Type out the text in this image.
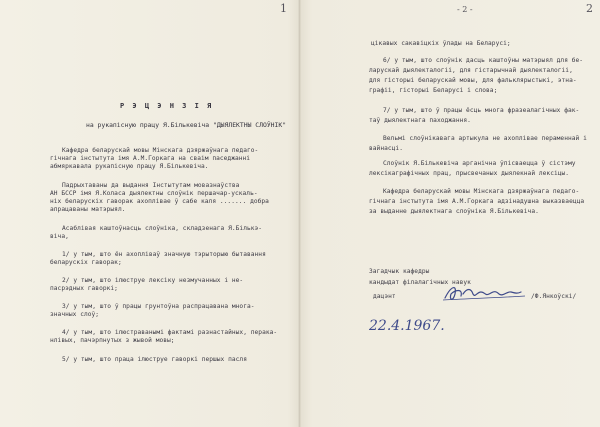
1
Р Э Ц Э Н З І Я
на рукапісную працу Я.Бількевіча "ДЫЯЛЕКТНЫ СЛОЎНІК"
Кафедра беларускай мовы Мінскага дзяржаўнага педаго-
гічнага інстытута імя А.М.Горкага на сваім паседжанні
абмяркавала рукапісную працу Я.Бількевіча.
Падрыхтаваны да выдання Інстытутам мовазнаўства
АН БССР імя Я.Коласа дыялектны слоўнік першачар-ускаль-
ніх беларускіх гаворак ахоплівае ў сабе каля ....... добра
апрацаваны матэрыял.
Асаблівая каштоўнасць слоўніка, складзенага Я.Бількэ-
віча,
1/ у тым, што ён ахопліваў значную тэрыторыю бытавання
беларускіх гаворак;
2/ у тым, што ілюструе лексіку незмучанных і не-
пасрэдных гаворкі;
3/ у тым, што ў працы грунтоўна распрацавана многа-
значных слоў;
4/ у тым, што ілюстраванымі фактамі разнастайных, перака-
нлівых, пачэрпнутых з жывой мовы;
5/ у тым, што праца ілюструе гаворкі першых пасля
- 2 -	2
цікавых сакавіцкіх ўлады на Беларусі;
6/ у тым, што слоўнік дасць каштоўны матэрыял для бе-
ларускай дыялекталогіі, для гістарычнай дыялекталогіі,
для гісторыі беларускай мовы, для фальклярыстыкі, этна-
графіі, гісторыі Беларусі і слова;
7/ у тым, што ў працы ёсць многа фразеалагічных фак-
таў дыялектнага паходжання.
Вельмі слоўнікавага артыкула не ахоплівае пераменнай і
вайнасці.
Слоўнік Я.Бількевіча арганічна ўпісваецца ў сістэму
лексікаграфічных прац, прысвечаных дыялекнай лексіцы.
Кафедра беларускай мовы Мінскага дзяржаўнага педаго-
гічнага інстытута імя А.М.Горкага адзінадушна выказваецца
за выданне дыялектнага слоўніка Я.Бількевіча.
Загадчык кафедры
кандыдат філалагічных навук
дацэнт	/Ф.Янкоўскі/
22.4.1967.
